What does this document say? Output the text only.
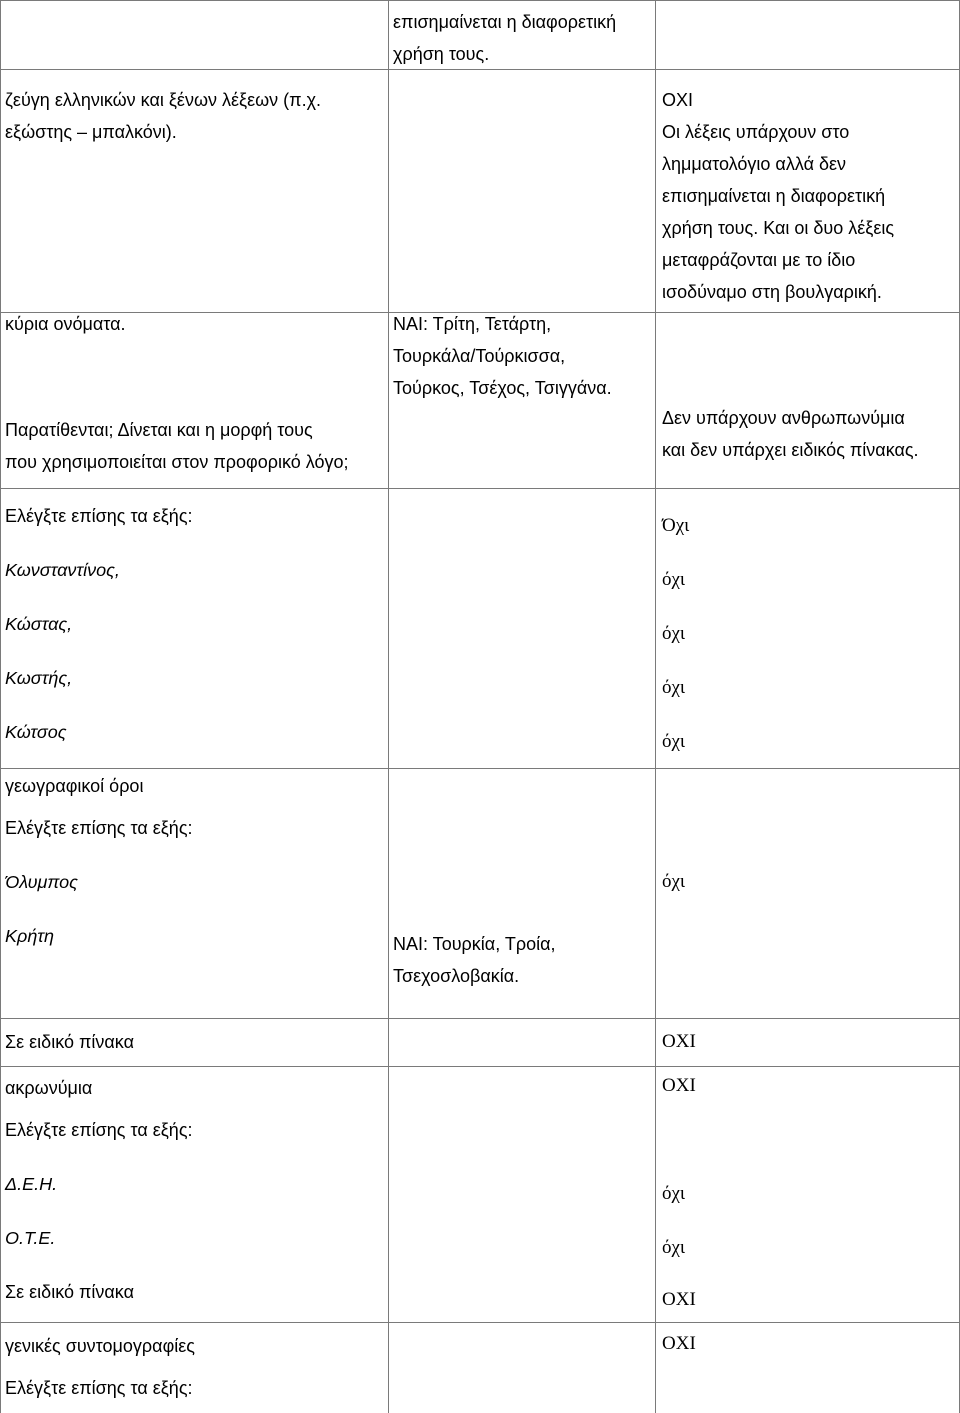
επισημαίνεται η διαφορετική
χρήση τους.
ΝΑΙ: Τρίτη, Τετάρτη,
Τουρκάλα/Τούρκισσα,
Τούρκος, Τσέχος, Τσιγγάνα.
ΝΑΙ: Τουρκία, Τροία,
Τσεχοσλοβακία.
ζεύγη ελληνικών και ξένων λέξεων (π.χ.
εξώστης – μπαλκόνι).
κύρια ονόματα.
Παρατίθενται; Δίνεται και η μορφή τους
που χρησιμοποιείται στον προφορικό λόγο;
Ελέγξτε επίσης τα εξής:
Κωνσταντίνος,
Κώστας,
Κωστής,
Κώτσος
γεωγραφικοί όροι
Ελέγξτε επίσης τα εξής:
Όλυμπος
Κρήτη
Σε ειδικό πίνακα
ακρωνύμια
Ελέγξτε επίσης τα εξής:
Δ.Ε.Η.
Ο.Τ.Ε.
Σε ειδικό πίνακα
γενικές συντομογραφίες
Ελέγξτε επίσης τα εξής:
ΟΧΙ
Οι λέξεις υπάρχουν στο
λημματολόγιο αλλά δεν
επισημαίνεται η διαφορετική
χρήση τους. Και οι δυο λέξεις
μεταφράζονται με το ίδιο
ισοδύναμο στη βουλγαρική.
Δεν υπάρχουν ανθρωπωνύμια
και δεν υπάρχει ειδικός πίνακας.
Όχι
όχι
όχι
όχι
όχι
όχι
ΟΧΙ
ΟΧΙ
όχι
όχι
ΟΧΙ
ΟΧΙ
